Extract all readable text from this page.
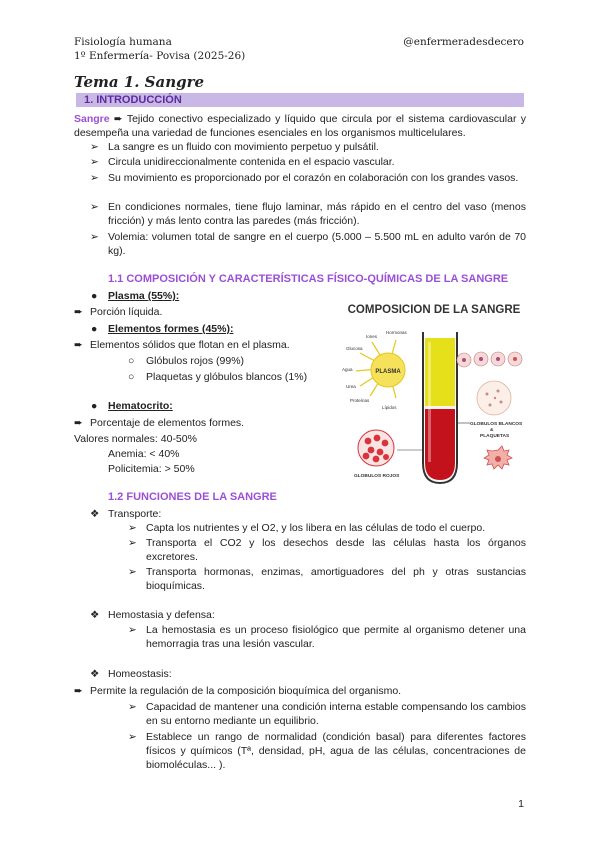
Fisiología humana
1º Enfermería- Povisa (2025-26)
@enfermeradesdecero
Tema 1. Sangre
1. INTRODUCCIÓN
Sangre ➨ Tejido conectivo especializado y líquido que circula por el sistema cardiovascular y desempeña una variedad de funciones esenciales en los organismos multicelulares.
➢ La sangre es un fluido con movimiento perpetuo y pulsátil.
➢ Circula unidireccionalmente contenida en el espacio vascular.
➢ Su movimiento es proporcionado por el corazón en colaboración con los grandes vasos.
➢ En condiciones normales, tiene flujo laminar, más rápido en el centro del vaso (menos fricción) y más lento contra las paredes (más fricción).
➢ Volemia: volumen total de sangre en el cuerpo (5.000 – 5.500 mL en adulto varón de 70 kg).
1.1 COMPOSICIÓN Y CARACTERÍSTICAS FÍSICO-QUÍMICAS DE LA SANGRE
● Plasma (55%):
➨ Porción líquida.
● Elementos formes (45%):
➨ Elementos sólidos que flotan en el plasma.
○ Glóbulos rojos (99%)
○ Plaquetas y glóbulos blancos (1%)
● Hematocrito:
➨ Porcentaje de elementos formes.
Valores normales: 40-50%
Anemia: < 40%
Policitemia: > 50%
COMPOSICION DE LA SANGRE
PLASMA
Iones
Hormonas
Glucosa
Agua
Urea
Proteínas
Lípidos
GLOBULOS BLANCOS & PLAQUETAS
GLOBULOS ROJOS
1.2 FUNCIONES DE LA SANGRE
❖ Transporte:
➢ Capta los nutrientes y el O2, y los libera en las células de todo el cuerpo.
➢ Transporta el CO2 y los desechos desde las células hasta los órganos excretores.
➢ Transporta hormonas, enzimas, amortiguadores del ph y otras sustancias bioquímicas.
❖ Hemostasia y defensa:
➢ La hemostasia es un proceso fisiológico que permite al organismo detener una hemorragia tras una lesión vascular.
❖ Homeostasis:
➨ Permite la regulación de la composición bioquímica del organismo.
➢ Capacidad de mantener una condición interna estable compensando los cambios en su entorno mediante un equilibrio.
➢ Establece un rango de normalidad (condición basal) para diferentes factores físicos y químicos (Tª, densidad, pH, agua de las células, concentraciones de biomoléculas... ).
1
